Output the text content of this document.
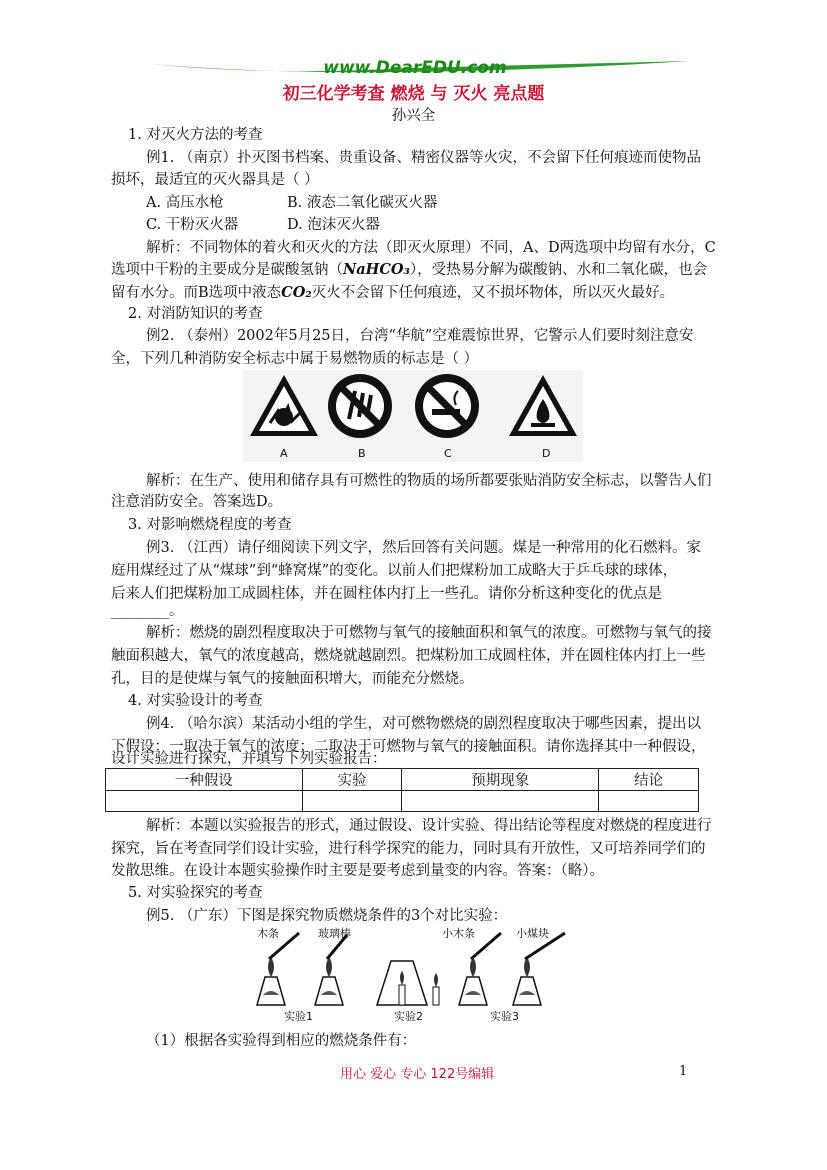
www.DearEDU.com
初三化学考查 燃烧 与 灭火 亮点题
孙兴全
1. 对灭火方法的考查
例1. （南京）扑灭图书档案、贵重设备、精密仪器等火灾，不会留下任何痕迹而使物品
损坏，最适宜的灭火器具是（ ）
A. 高压水枪	B. 液态二氧化碳灭火器
C. 干粉灭火器	D. 泡沫灭火器
解析：不同物体的着火和灭火的方法（即灭火原理）不同，A、D两选项中均留有水分，C
选项中干粉的主要成分是碳酸氢钠（NaHCO₃），受热易分解为碳酸钠、水和二氧化碳，也会
留有水分。而B选项中液态CO₂灭火不会留下任何痕迹，又不损坏物体，所以灭火最好。
2. 对消防知识的考查
例2. （泰州）2002年5月25日，台湾“华航”空难震惊世界，它警示人们要时刻注意安
全，下列几种消防安全标志中属于易燃物质的标志是（ ）
A	B	C	D
解析：在生产、使用和储存具有可燃性的物质的场所都要张贴消防安全标志，以警告人们
注意消防安全。答案选D。
3. 对影响燃烧程度的考查
例3. （江西）请仔细阅读下列文字，然后回答有关问题。煤是一种常用的化石燃料。家
庭用煤经过了从“煤球”到“蜂窝煤”的变化。以前人们把煤粉加工成略大于乒乓球的球体，
后来人们把煤粉加工成圆柱体，并在圆柱体内打上一些孔。请你分析这种变化的优点是
________。
解析：燃烧的剧烈程度取决于可燃物与氧气的接触面积和氧气的浓度。可燃物与氧气的接
触面积越大，氧气的浓度越高，燃烧就越剧烈。把煤粉加工成圆柱体，并在圆柱体内打上一些
孔，目的是使煤与氧气的接触面积增大，而能充分燃烧。
4. 对实验设计的考查
例4. （哈尔滨）某活动小组的学生，对可燃物燃烧的剧烈程度取决于哪些因素，提出以
下假设：一取决于氧气的浓度；二取决于可燃物与氧气的接触面积。请你选择其中一种假设，
设计实验进行探究，并填写下列实验报告：
一种假设	实验	预期现象	结论

解析：本题以实验报告的形式，通过假设、设计实验、得出结论等程度对燃烧的程度进行
探究，旨在考查同学们设计实验，进行科学探究的能力，同时具有开放性，又可培养同学们的
发散思维。在设计本题实验操作时主要是要考虑到量变的内容。答案：（略）。
5. 对实验探究的考查
例5. （广东）下图是探究物质燃烧条件的3个对比实验：
木条	玻璃棒	小木条	小煤块
实验1	实验2	实验3
（1）根据各实验得到相应的燃烧条件有：
用心 爱心 专心 122号编辑	1
